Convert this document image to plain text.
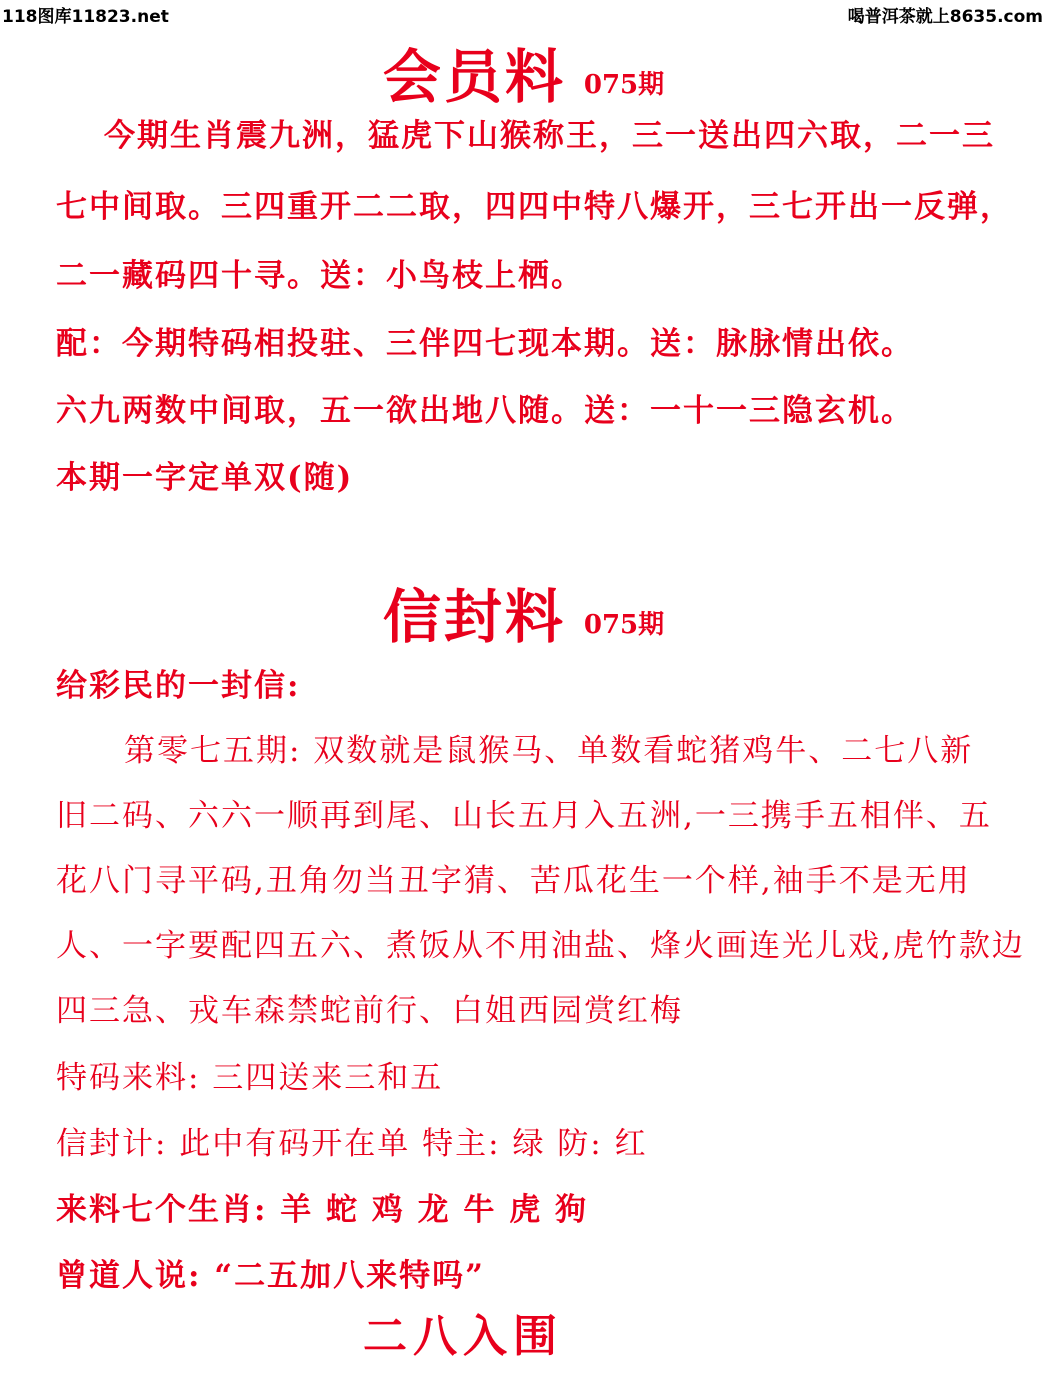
118图库11823.net	喝普洱茶就上8635.com
会员料 075期
今期生肖震九洲，猛虎下山猴称王，三一送出四六取，二一三
七中间取。三四重开二二取，四四中特八爆开，三七开出一反弹，
二一藏码四十寻。送：小鸟枝上栖。
配：今期特码相投驻、三伴四七现本期。送：脉脉情出依。
六九两数中间取，五一欲出地八随。送：一十一三隐玄机。
本期一字定单双(随)
信封料 075期
给彩民的一封信:
第零七五期: 双数就是鼠猴马、单数看蛇猪鸡牛、二七八新
旧二码、六六一顺再到尾、山长五月入五洲,一三携手五相伴、五
花八门寻平码,丑角勿当丑字猜、苦瓜花生一个样,袖手不是无用
人、一字要配四五六、煮饭从不用油盐、烽火画连光儿戏,虎竹款边
四三急、戎车森禁蛇前行、白姐西园赏红梅
特码来料: 三四送来三和五
信封计: 此中有码开在单 特主: 绿 防: 红
来料七个生肖: 羊 蛇 鸡 龙 牛 虎 狗
曾道人说: “二五加八来特吗”
二八入围
